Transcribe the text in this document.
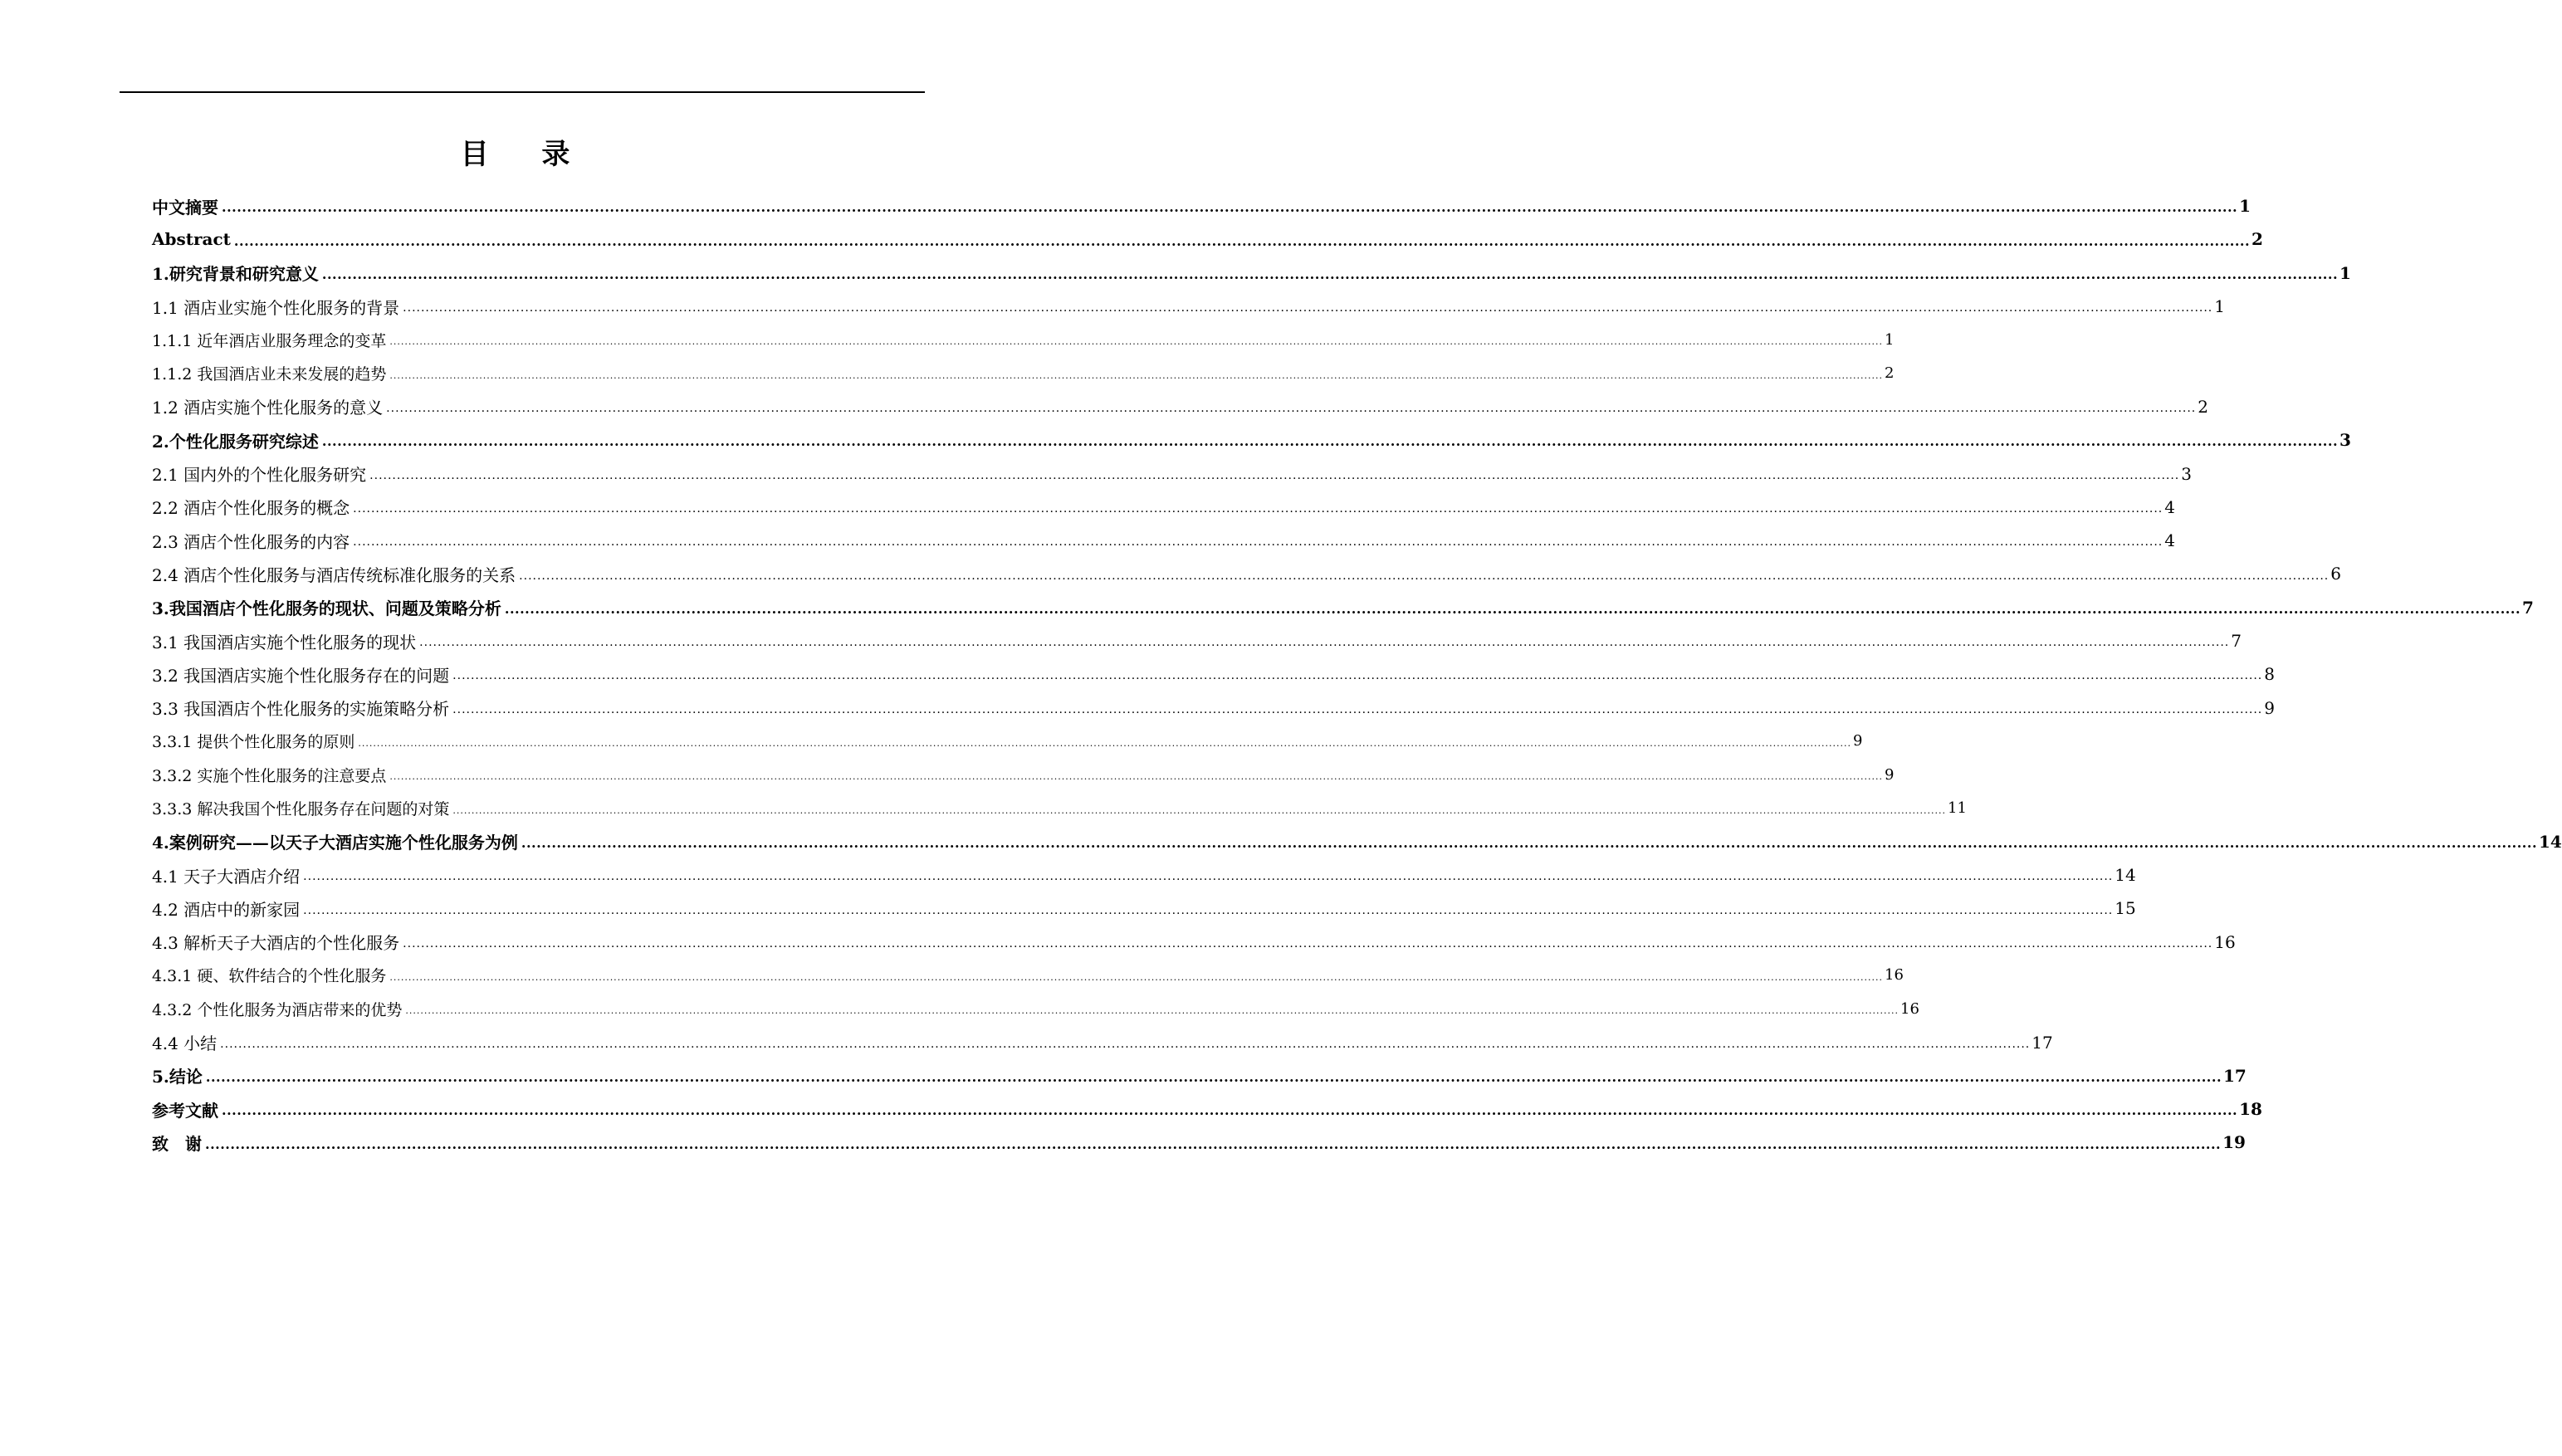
目 录
中文摘要 ................................................................................................................................................................................................................................................................................................................................................................................................................ 1
Abstract ................................................................................................................................................................................................................................................................................................................................................................................................................ 2
1.研究背景和研究意义 ................................................................................................................................................................................................................................................................................................................................................................................................................ 1
1.1 酒店业实施个性化服务的背景 ................................................................................................................................................................................................................................................................................................................................................................................................................ 1
1.1.1 近年酒店业服务理念的变革 ................................................................................................................................................................................................................................................................................................................................................................................................................ 1
1.1.2 我国酒店业未来发展的趋势 ................................................................................................................................................................................................................................................................................................................................................................................................................ 2
1.2 酒店实施个性化服务的意义 ................................................................................................................................................................................................................................................................................................................................................................................................................ 2
2.个性化服务研究综述 ................................................................................................................................................................................................................................................................................................................................................................................................................ 3
2.1 国内外的个性化服务研究 ................................................................................................................................................................................................................................................................................................................................................................................................................ 3
2.2 酒店个性化服务的概念 ................................................................................................................................................................................................................................................................................................................................................................................................................ 4
2.3 酒店个性化服务的内容 ................................................................................................................................................................................................................................................................................................................................................................................................................ 4
2.4 酒店个性化服务与酒店传统标准化服务的关系 ................................................................................................................................................................................................................................................................................................................................................................................................................ 6
3.我国酒店个性化服务的现状、问题及策略分析 ................................................................................................................................................................................................................................................................................................................................................................................................................ 7
3.1 我国酒店实施个性化服务的现状 ................................................................................................................................................................................................................................................................................................................................................................................................................ 7
3.2 我国酒店实施个性化服务存在的问题 ................................................................................................................................................................................................................................................................................................................................................................................................................ 8
3.3 我国酒店个性化服务的实施策略分析 ................................................................................................................................................................................................................................................................................................................................................................................................................ 9
3.3.1 提供个性化服务的原则 ................................................................................................................................................................................................................................................................................................................................................................................................................ 9
3.3.2 实施个性化服务的注意要点 ................................................................................................................................................................................................................................................................................................................................................................................................................ 9
3.3.3 解决我国个性化服务存在问题的对策 ................................................................................................................................................................................................................................................................................................................................................................................................................ 11
4.案例研究——以天子大酒店实施个性化服务为例 ................................................................................................................................................................................................................................................................................................................................................................................................................ 14
4.1 天子大酒店介绍 ................................................................................................................................................................................................................................................................................................................................................................................................................ 14
4.2 酒店中的新家园 ................................................................................................................................................................................................................................................................................................................................................................................................................ 15
4.3 解析天子大酒店的个性化服务 ................................................................................................................................................................................................................................................................................................................................................................................................................ 16
4.3.1 硬、软件结合的个性化服务 ................................................................................................................................................................................................................................................................................................................................................................................................................ 16
4.3.2 个性化服务为酒店带来的优势 ................................................................................................................................................................................................................................................................................................................................................................................................................ 16
4.4 小结 ................................................................................................................................................................................................................................................................................................................................................................................................................ 17
5.结论 ................................................................................................................................................................................................................................................................................................................................................................................................................ 17
参考文献 ................................................................................................................................................................................................................................................................................................................................................................................................................ 18
致　谢 ................................................................................................................................................................................................................................................................................................................................................................................................................ 19
